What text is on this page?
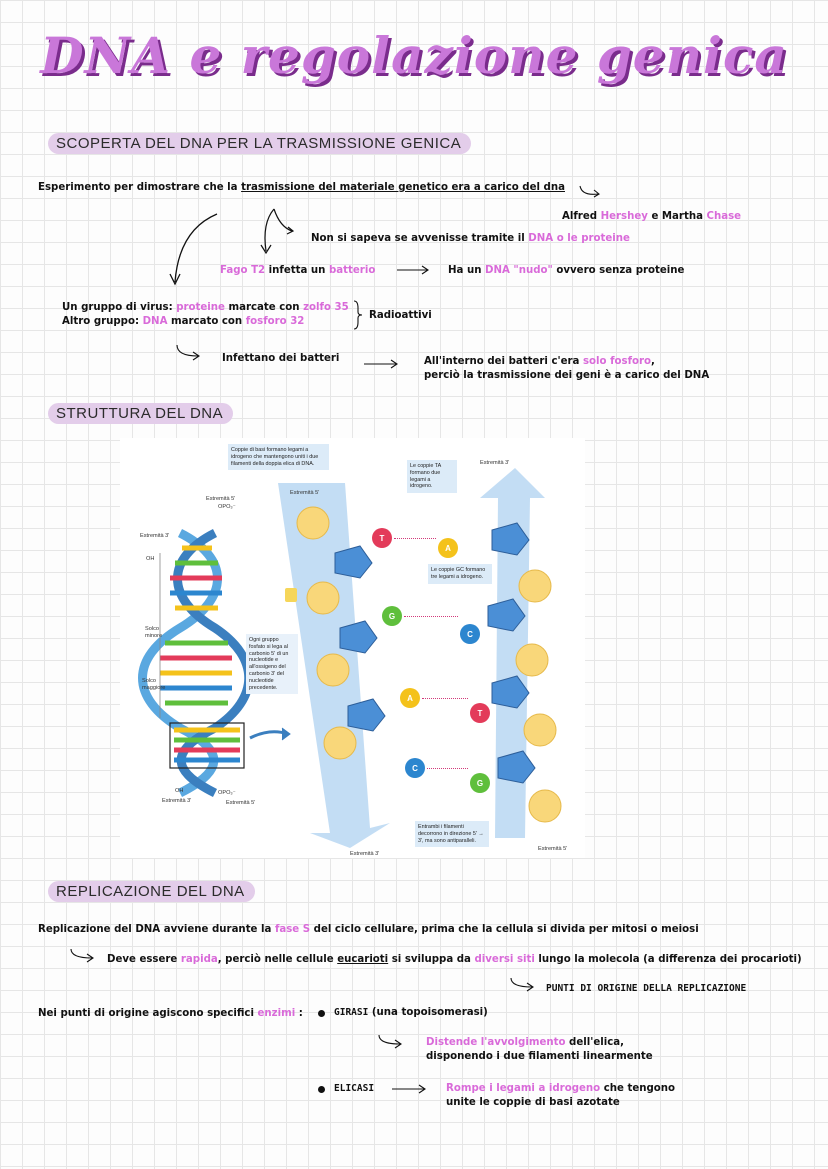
DNA e regolazione genica
SCOPERTA DEL DNA PER LA TRASMISSIONE GENICA
Esperimento per dimostrare che la trasmissione del materiale genetico era a carico del dna
Alfred Hershey e Martha Chase
Non si sapeva se avvenisse tramite il DNA o le proteine
Fago T2 infetta un batterio	Ha un DNA "nudo" ovvero senza proteine
Un gruppo di virus: proteine marcate con zolfo 35
Altro gruppo: DNA marcato con fosforo 32
Radioattivi
Infettano dei batteri	All'interno dei batteri c'era solo fosforo,
perciò la trasmissione dei geni è a carico del DNA
STRUTTURA DEL DNA
T
A
G
C
A
T
C
G
Coppie di basi formano legami a idrogeno che mantengono uniti i due filamenti della doppia elica di DNA.	Le coppie TA formano due legami a idrogeno.
Le coppie GC formano tre legami a idrogeno.
Ogni gruppo fosfato si lega al carbonio 5' di un nucleotide e all'ossigeno del carbonio 3' del nucleotide precedente.
Entrambi i filamenti decorrono in direzione 5' → 3', ma sono antiparalleli.
Estremità 5'
OPO₃⁻
Estremità 3'
OH
Estremità 5'
Estremità 3'
Solco minore
Solco maggiore
OH	OPO₃⁻
Estremità 3'	Estremità 5'
Estremità 3'
Estremità 5'
REPLICAZIONE DEL DNA
Replicazione del DNA avviene durante la fase S del ciclo cellulare, prima che la cellula si divida per mitosi o meiosi
Deve essere rapida, perciò nelle cellule eucarioti si sviluppa da diversi siti lungo la molecola (a differenza dei procarioti)
PUNTI DI ORIGINE DELLA REPLICAZIONE
Nei punti di origine agiscono specifici enzimi :	GIRASI (una topoisomerasi)
Distende l'avvolgimento dell'elica,
disponendo i due filamenti linearmente
ELICASI	Rompe i legami a idrogeno che tengono
unite le coppie di basi azotate
